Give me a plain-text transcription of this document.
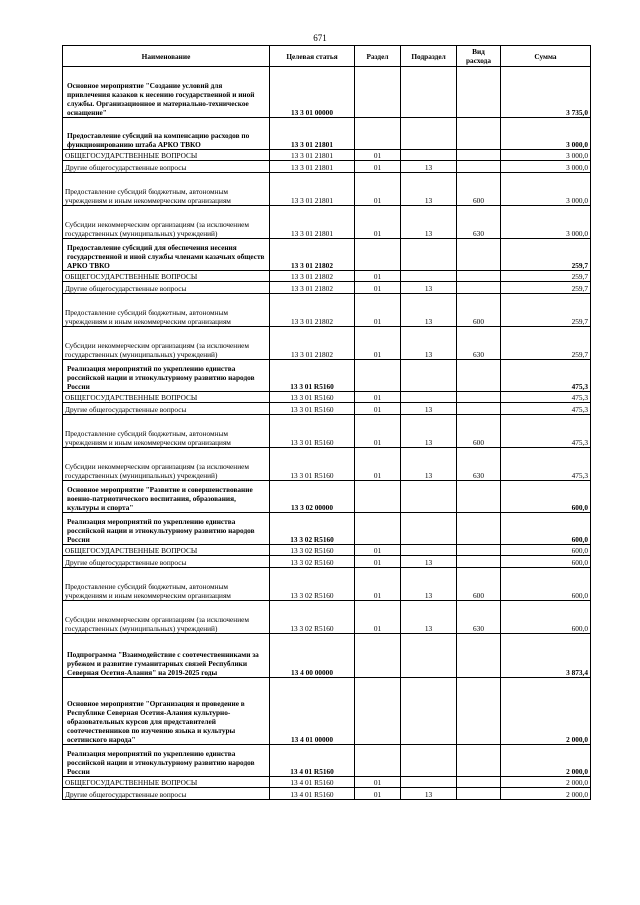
671
Наименование	Целевая статья	Раздел	Подраздел	Вид расхода	Сумма
Основное мероприятие "Создание условий для привлечения казаков к несению государственной и иной службы. Организационное и материально-техническое оснащение"	13 3 01 00000				3 735,0
Предоставление субсидий на компенсацию расходов по функционированию штаба АРКО ТВКО	13 3 01 21801				3 000,0
ОБЩЕГОСУДАРСТВЕННЫЕ ВОПРОСЫ	13 3 01 21801	01			3 000,0
Другие общегосударственные вопросы	13 3 01 21801	01	13		3 000,0
Предоставление субсидий бюджетным, автономным учреждениям и иным некоммерческим организациям	13 3 01 21801	01	13	600	3 000,0
Субсидии некоммерческим организациям (за исключением государственных (муниципальных) учреждений)	13 3 01 21801	01	13	630	3 000,0
Предоставление субсидий для обеспечения несения государственной и иной службы членами казачьих обществ АРКО ТВКО	13 3 01 21802				259,7
ОБЩЕГОСУДАРСТВЕННЫЕ ВОПРОСЫ	13 3 01 21802	01			259,7
Другие общегосударственные вопросы	13 3 01 21802	01	13		259,7
Предоставление субсидий бюджетным, автономным учреждениям и иным некоммерческим организациям	13 3 01 21802	01	13	600	259,7
Субсидии некоммерческим организациям (за исключением государственных (муниципальных) учреждений)	13 3 01 21802	01	13	630	259,7
Реализация мероприятий по укреплению единства российской нации и этнокультурному развитию народов России	13 3 01 R5160				475,3
ОБЩЕГОСУДАРСТВЕННЫЕ ВОПРОСЫ	13 3 01 R5160	01			475,3
Другие общегосударственные вопросы	13 3 01 R5160	01	13		475,3
Предоставление субсидий бюджетным, автономным учреждениям и иным некоммерческим организациям	13 3 01 R5160	01	13	600	475,3
Субсидии некоммерческим организациям (за исключением государственных (муниципальных) учреждений)	13 3 01 R5160	01	13	630	475,3
Основное мероприятие "Развитие и совершенствование военно-патриотического воспитания, образования, культуры и спорта"	13 3 02 00000				600,0
Реализация мероприятий по укреплению единства российской нации и этнокультурному развитию народов России	13 3 02 R5160				600,0
ОБЩЕГОСУДАРСТВЕННЫЕ ВОПРОСЫ	13 3 02 R5160	01			600,0
Другие общегосударственные вопросы	13 3 02 R5160	01	13		600,0
Предоставление субсидий бюджетным, автономным учреждениям и иным некоммерческим организациям	13 3 02 R5160	01	13	600	600,0
Субсидии некоммерческим организациям (за исключением государственных (муниципальных) учреждений)	13 3 02 R5160	01	13	630	600,0
Подпрограмма "Взаимодействие с соотечественниками за рубежом и развитие гуманитарных связей Республики Северная Осетия-Алания" на 2019-2025 годы	13 4 00 00000				3 873,4
Основное мероприятие "Организация и проведение в Республике Северная Осетия-Алания культурно-образовательных курсов для представителей соотечественников по изучению языка и культуры осетинского народа"	13 4 01 00000				2 000,0
Реализация мероприятий по укреплению единства российской нации и этнокультурному развитию народов России	13 4 01 R5160				2 000,0
ОБЩЕГОСУДАРСТВЕННЫЕ ВОПРОСЫ	13 4 01 R5160	01			2 000,0
Другие общегосударственные вопросы	13 4 01 R5160	01	13		2 000,0
